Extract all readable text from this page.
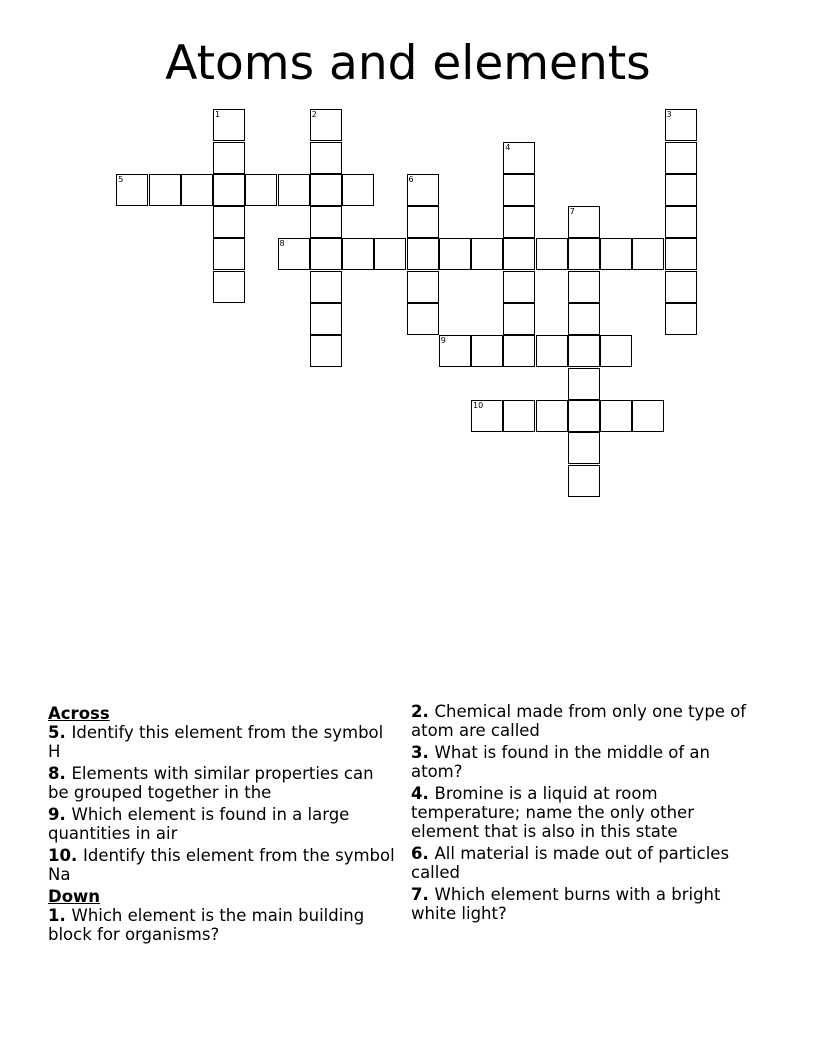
Atoms and elements
1	2	3
4
5	6
7
8
9
10
Across
5. Identify this element from the symbol H
8. Elements with similar properties can be grouped together in the
9. Which element is found in a large quantities in air
10. Identify this element from the symbol Na
Down
1. Which element is the main building block for organisms?
2. Chemical made from only one type of atom are called
3. What is found in the middle of an atom?
4. Bromine is a liquid at room temperature; name the only other element that is also in this state
6. All material is made out of particles called
7. Which element burns with a bright white light?
